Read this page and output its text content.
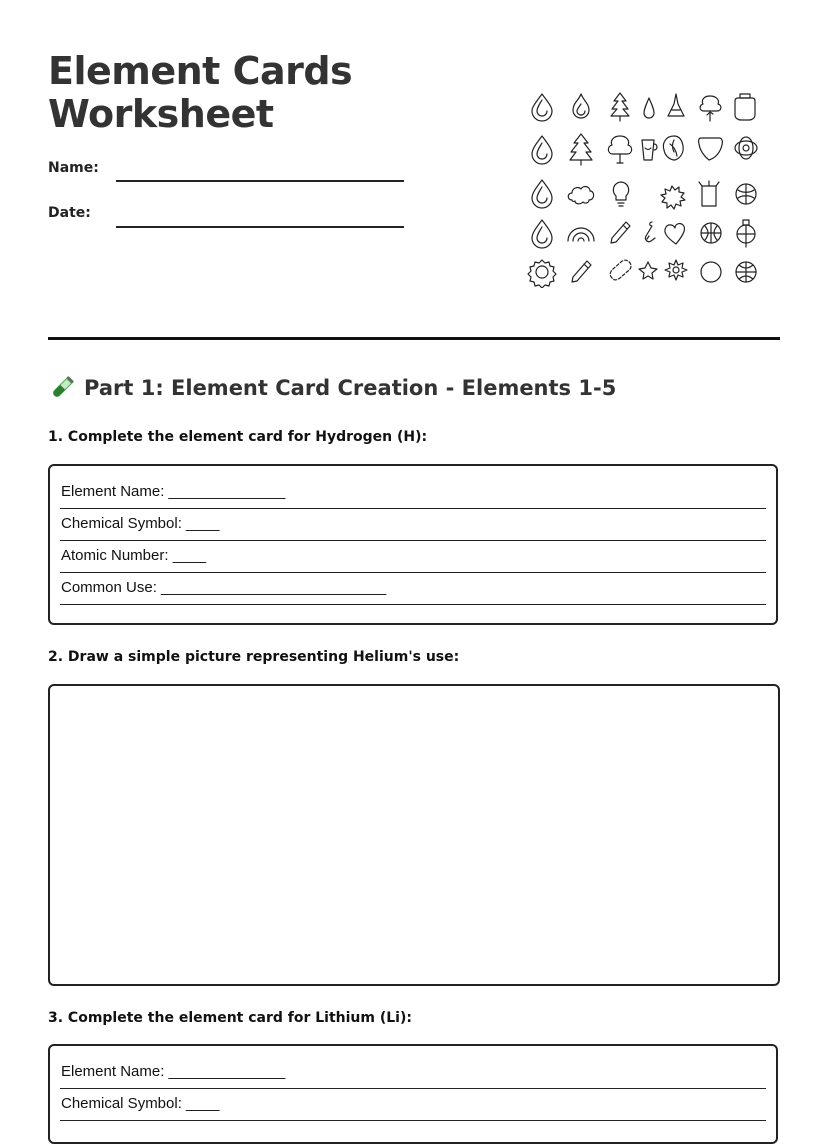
Element Cards
Worksheet
Name:
Date:
Part 1: Element Card Creation - Elements 1-5
1. Complete the element card for Hydrogen (H):
Element Name: ______________
Chemical Symbol: ____
Atomic Number: ____
Common Use: ___________________________
2. Draw a simple picture representing Helium's use:
3. Complete the element card for Lithium (Li):
Element Name: ______________
Chemical Symbol: ____
